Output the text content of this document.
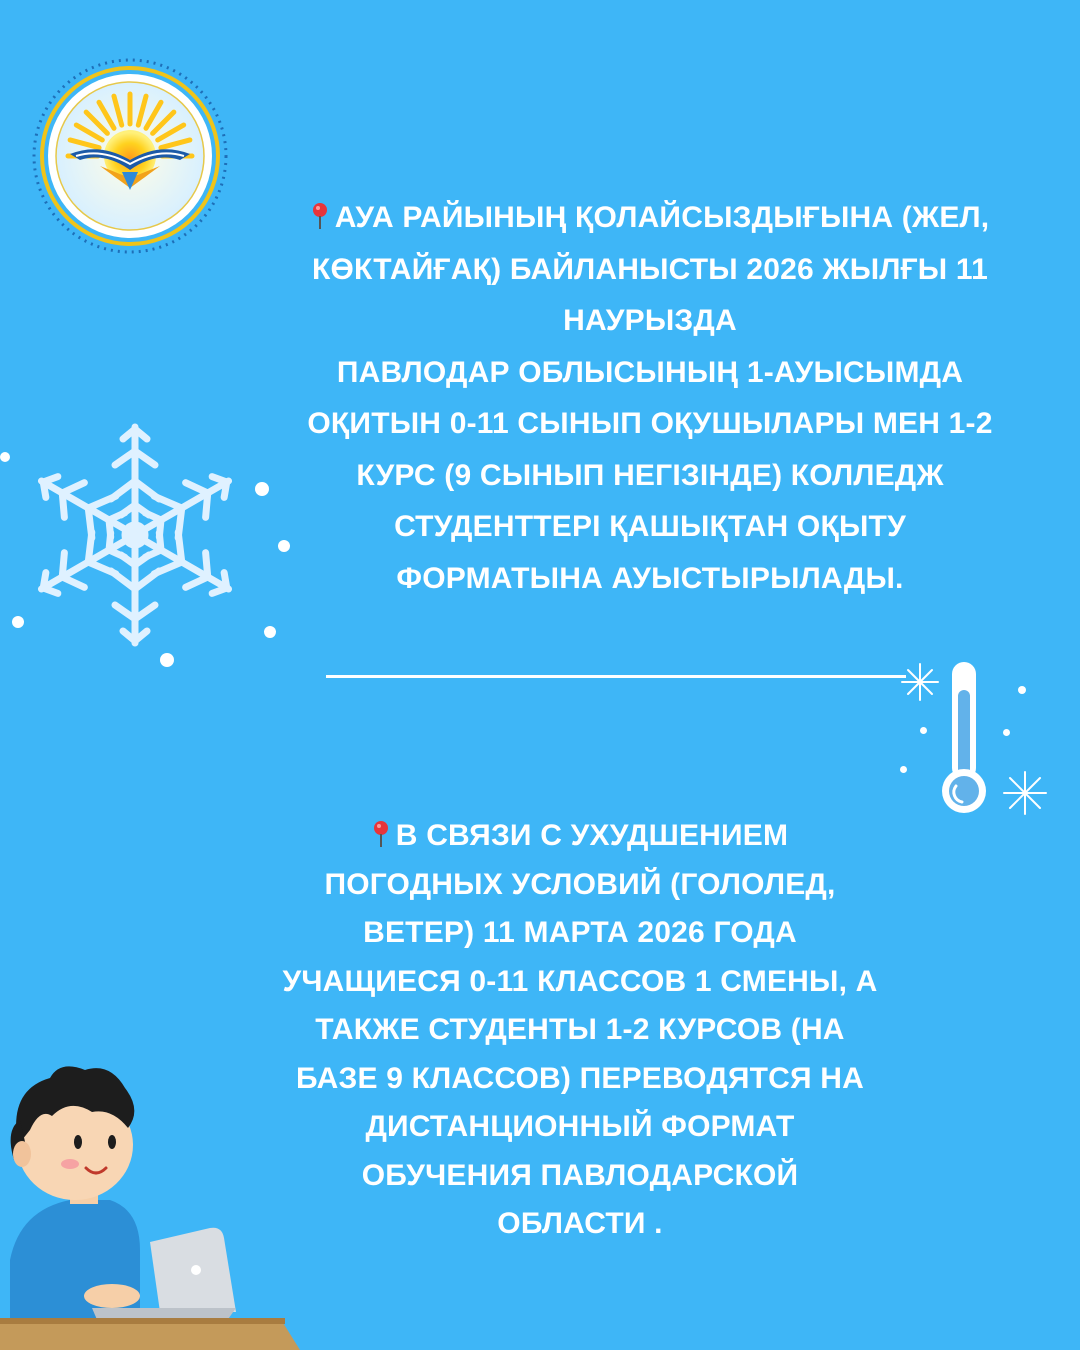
АУА РАЙЫНЫҢ ҚОЛАЙСЫЗДЫҒЫНА (ЖЕЛ,
КӨКТАЙҒАҚ) БАЙЛАНЫСТЫ 2026 ЖЫЛҒЫ 11
НАУРЫЗДА
ПАВЛОДАР ОБЛЫСЫНЫҢ 1-АУЫСЫМДА
ОҚИТЫН 0-11 СЫНЫП ОҚУШЫЛАРЫ МЕН 1-2
КУРС (9 СЫНЫП НЕГІЗІНДЕ) КОЛЛЕДЖ
СТУДЕНТТЕРІ ҚАШЫҚТАН ОҚЫТУ
ФОРМАТЫНА АУЫСТЫРЫЛАДЫ.
В СВЯЗИ С УХУДШЕНИЕМ
ПОГОДНЫХ УСЛОВИЙ (ГОЛОЛЕД,
ВЕТЕР) 11 МАРТА 2026 ГОДА
УЧАЩИЕСЯ 0-11 КЛАССОВ 1 СМЕНЫ, А
ТАКЖЕ СТУДЕНТЫ 1-2 КУРСОВ (НА
БАЗЕ 9 КЛАССОВ) ПЕРЕВОДЯТСЯ НА
ДИСТАНЦИОННЫЙ ФОРМАТ
ОБУЧЕНИЯ ПАВЛОДАРСКОЙ
ОБЛАСТИ .
